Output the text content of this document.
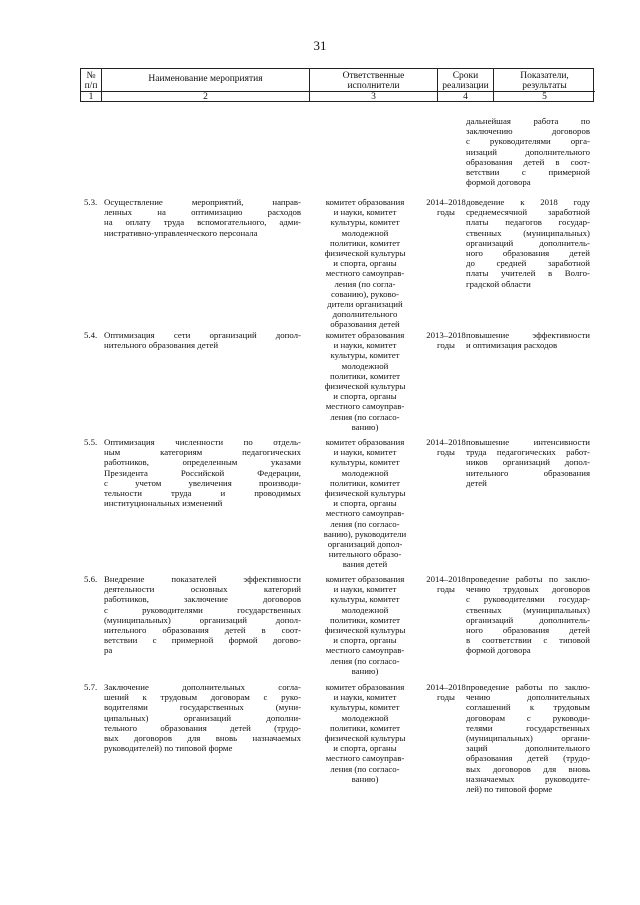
31
№
п/п
1
Наименование мероприятия
2
Ответственные
исполнители
3
Сроки
реализации
4
Показатели,
результаты
5
дальнейшая работа по
заключению договоров
с руководителями орга-
низаций дополнительного
образования детей в соот-
ветствии с примерной
формой договора
5.3. Осуществление мероприятий, направ-
ленных на оптимизацию расходов
на оплату труда вспомогательного, адми-
нистративно-управленческого персонала
комитет образования
и науки, комитет
культуры, комитет
молодежной
политики, комитет
физической культуры
и спорта, органы
местного самоуправ-
ления (по согла-
сованию), руково-
дители организаций
дополнительного
образования детей
2014–2018
годы
доведение к 2018 году
среднемесячной заработной
платы педагогов государ-
ственных (муниципальных)
организаций дополнитель-
ного образования детей
до средней заработной
платы учителей в Волго-
градской области
5.4. Оптимизация сети организаций допол-
нительного образования детей
комитет образования
и науки, комитет
культуры, комитет
молодежной
политики, комитет
физической культуры
и спорта, органы
местного самоуправ-
ления (по согласо-
ванию)
2013–2018
годы
повышение эффективности
и оптимизация расходов
5.5. Оптимизация численности по отдель-
ным категориям педагогических
работников, определенным указами
Президента Российской Федерации,
с учетом увеличения производи-
тельности труда и проводимых
институциональных изменений
комитет образования
и науки, комитет
культуры, комитет
молодежной
политики, комитет
физической культуры
и спорта, органы
местного самоуправ-
ления (по согласо-
ванию), руководители
организаций допол-
нительного образо-
вания детей
2014–2018
годы
повышение интенсивности
труда педагогических работ-
ников организаций допол-
нительного образования
детей
5.6. Внедрение показателей эффективности
деятельности основных категорий
работников, заключение договоров
с руководителями государственных
(муниципальных) организаций допол-
нительного образования детей в соот-
ветствии с примерной формой догово-
ра
комитет образования
и науки, комитет
культуры, комитет
молодежной
политики, комитет
физической культуры
и спорта, органы
местного самоуправ-
ления (по согласо-
ванию)
2014–2018
годы
проведение работы по заклю-
чению трудовых договоров
с руководителями государ-
ственных (муниципальных)
организаций дополнитель-
ного образования детей
в соответствии с типовой
формой договора
5.7. Заключение дополнительных согла-
шений к трудовым договорам с руко-
водителями государственных (муни-
ципальных) организаций дополни-
тельного образования детей (трудо-
вых договоров для вновь назначаемых
руководителей) по типовой форме
комитет образования
и науки, комитет
культуры, комитет
молодежной
политики, комитет
физической культуры
и спорта, органы
местного самоуправ-
ления (по согласо-
ванию)
2014–2018
годы
проведение работы по заклю-
чению дополнительных
соглашений к трудовым
договорам с руководи-
телями государственных
(муниципальных) органи-
заций дополнительного
образования детей (трудо-
вых договоров для вновь
назначаемых руководите-
лей) по типовой форме
